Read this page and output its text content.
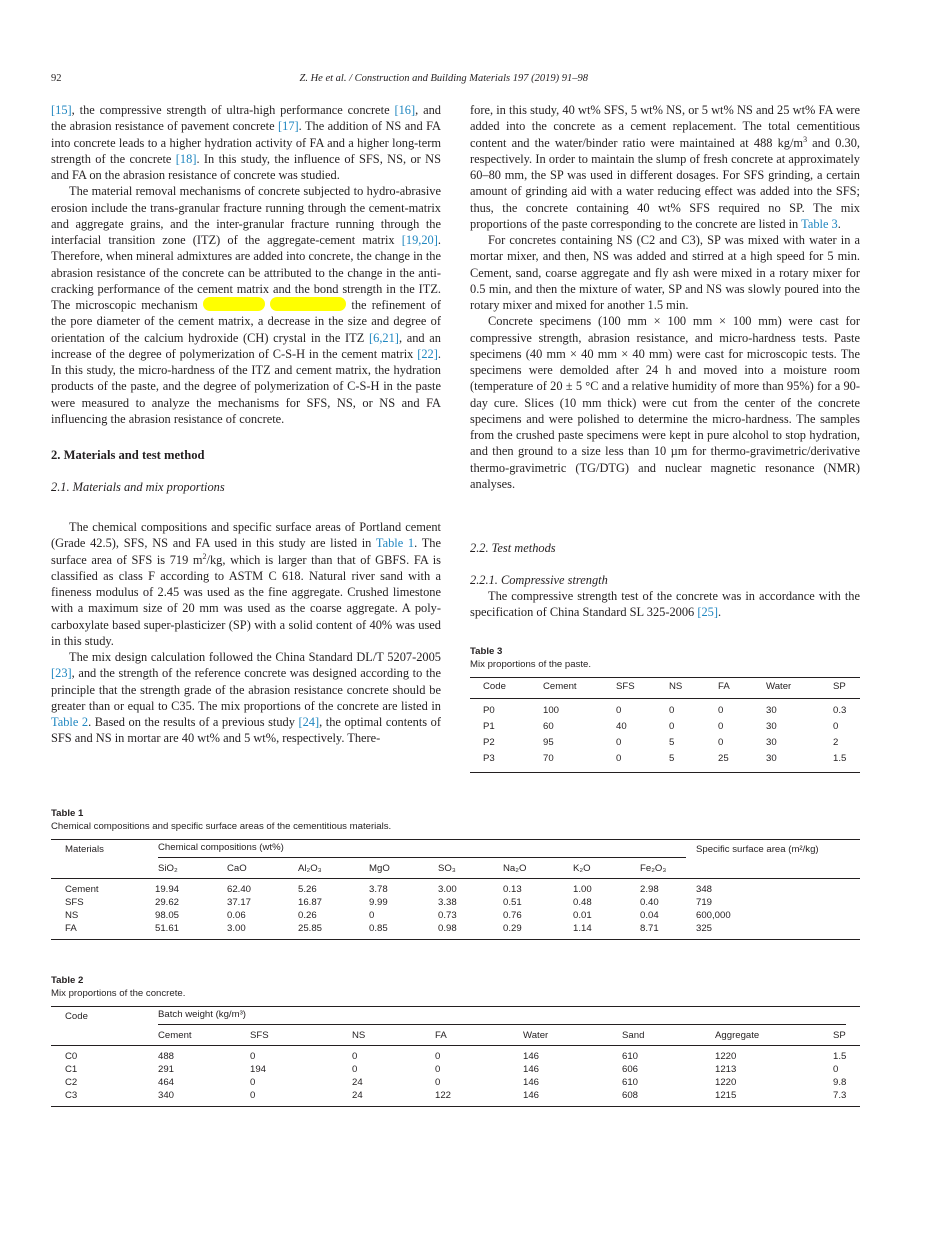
92	Z. He et al. / Construction and Building Materials 197 (2019) 91–98

[15], the compressive strength of ultra-high performance concrete [16], and the abrasion resistance of pavement concrete [17]. The addition of NS and FA into concrete leads to a higher hydration activity of FA and a higher long-term strength of the concrete [18]. In this study, the influence of SFS, NS, or NS and FA on the abrasion resistance of concrete was studied.

The material removal mechanisms of concrete subjected to hydro-abrasive erosion include the trans-granular fracture running through the cement-matrix and aggregate grains, and the inter-granular fracture running through the interfacial transition zone (ITZ) of the aggregate-cement matrix [19,20]. Therefore, when mineral admixtures are added into concrete, the change in the abrasion resistance of the concrete can be attributed to the change in the anti-cracking performance of the cement matrix and the bond strength in the ITZ. The microscopic mechanism	the refinement of the pore diameter of the cement matrix, a decrease in the size and degree of orientation of the calcium hydroxide (CH) crystal in the ITZ [6,21], and an increase of the degree of polymerization of C-S-H in the cement matrix [22]. In this study, the micro-hardness of the ITZ and cement matrix, the hydration products of the paste, and the degree of polymerization of C-S-H in the paste were measured to analyze the mechanisms for SFS, NS, or NS and FA influencing the abrasion resistance of concrete.

2. Materials and test method
2.1. Materials and mix proportions

The chemical compositions and specific surface areas of Portland cement (Grade 42.5), SFS, NS and FA used in this study are listed in Table 1. The surface area of SFS is 719 $m^2/kg$, which is larger than that of GBFS. FA is classified as class F according to ASTM C 618. Natural river sand with a fineness modulus of 2.45 was used as the fine aggregate. Crushed limestone with a maximum size of 20 mm was used as the coarse aggregate. A poly-carboxylate based super-plasticizer (SP) with a solid content of 40% was used in this study.

The mix design calculation followed the China Standard DL/T 5207-2005 [23], and the strength of the reference concrete was designed according to the principle that the strength grade of the abrasion resistance concrete should be greater than or equal to C35. The mix proportions of the concrete are listed in Table 2. Based on the results of a previous study [24], the optimal contents of SFS and NS in mortar are 40 wt% and 5 wt%, respectively. There-

fore, in this study, 40 wt% SFS, 5 wt% NS, or 5 wt% NS and 25 wt% FA were added into the concrete as a cement replacement. The total cementitious content and the water/binder ratio were maintained at 488 $kg/m^3$ and 0.30, respectively. In order to maintain the slump of fresh concrete at approximately 60–80 mm, the SP was used in different dosages. For SFS grinding, a certain amount of grinding aid with a water reducing effect was added into the SFS; thus, the concrete containing 40 wt% SFS required no SP. The mix proportions of the paste corresponding to the concrete are listed in Table 3.

For concretes containing NS (C2 and C3), SP was mixed with water in a mortar mixer, and then, NS was added and stirred at a high speed for 5 min. Cement, sand, coarse aggregate and fly ash were mixed in a rotary mixer for 0.5 min, and then the mixture of water, SP and NS was slowly poured into the rotary mixer and mixed for another 1.5 min.

Concrete specimens (100 mm × 100 mm × 100 mm) were cast for compressive strength, abrasion resistance, and micro-hardness tests. Paste specimens (40 mm × 40 mm × 40 mm) were cast for microscopic tests. The specimens were demolded after 24 h and moved into a moisture room (temperature of 20 ± 5 °C and a relative humidity of more than 95%) for a 90-day cure. Slices (10 mm thick) were cut from the center of the concrete specimens and were polished to determine the micro-hardness. The samples from the crushed paste specimens were kept in pure alcohol to stop hydration, and then ground to a size less than 10 µm for thermo-gravimetric/derivative thermo-gravimetric (TG/DTG) and nuclear magnetic resonance (NMR) analyses.

2.2. Test methods
2.2.1. Compressive strength

The compressive strength test of the concrete was in accordance with the specification of China Standard SL 325-2006 [25].

Table 3
Mix proportions of the paste.
Code	Cement	SFS	NS	FA	Water	SP
P0	100	0	0	0	30	0.3
P1	60	40	0	0	30	0
P2	95	0	5	0	30	2
P3	70	0	5	25	30	1.5
Table 1
Chemical compositions and specific surface areas of the cementitious materials.
Materials	Chemical compositions (wt%)								Specific surface area (m²/kg)
	SiO₂	CaO	Al₂O₃	MgO	SO₃	Na₂O	K₂O	Fe₂O₃	
Cement	19.94	62.40	5.26	3.78	3.00	0.13	1.00	2.98	348
SFS	29.62	37.17	16.87	9.99	3.38	0.51	0.48	0.40	719
NS	98.05	0.06	0.26	0	0.73	0.76	0.01	0.04	600,000
FA	51.61	3.00	25.85	0.85	0.98	0.29	1.14	8.71	325
Table 2
Mix proportions of the concrete.
Code	Batch weight (kg/m³)							

	Cement	SFS	NS	FA	Water	Sand	Aggregate	SP
C0	488	0	0	0	146	610	1220	1.5
C1	291	194	0	0	146	606	1213	0
C2	464	0	24	0	146	610	1220	9.8
C3	340	0	24	122	146	608	1215	7.3
